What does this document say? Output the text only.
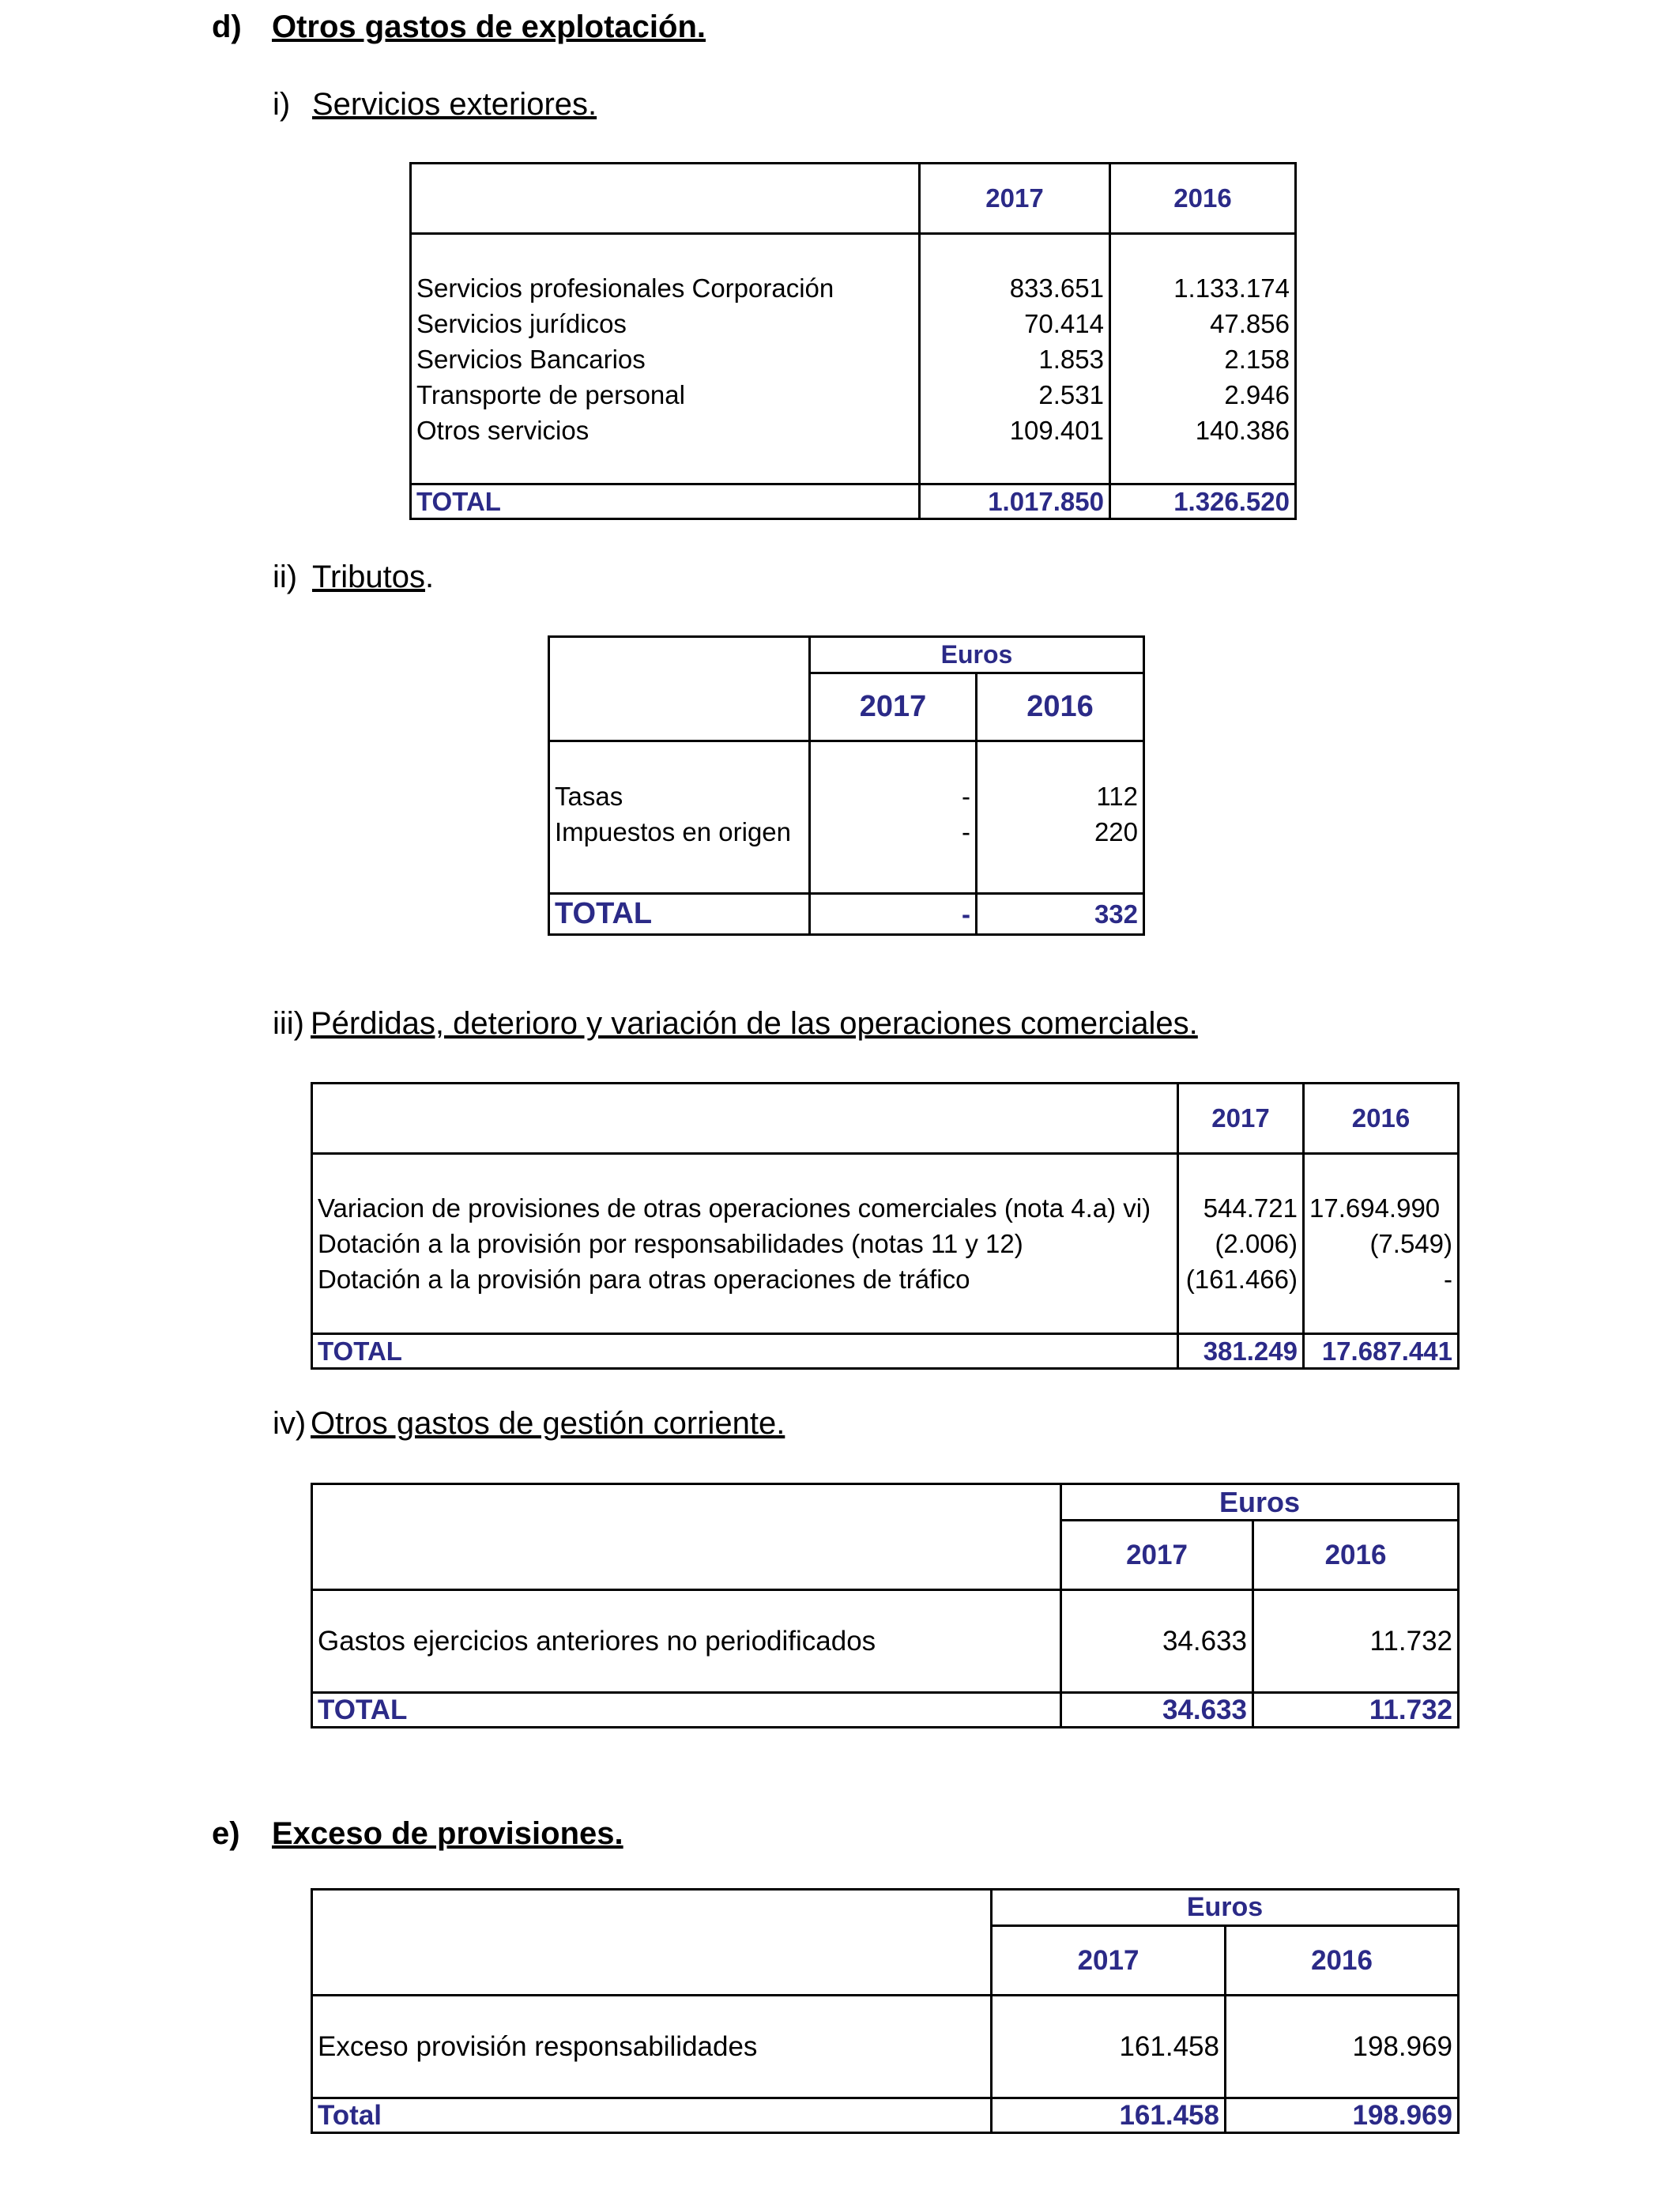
d) Otros gastos de explotación.
i) Servicios exteriores.
	2017	2016

Servicios profesionales Corporación	833.651	1.133.174
Servicios jurídicos	70.414	47.856
Servicios Bancarios	1.853	2.158
Transporte de personal	2.531	2.946
Otros servicios	109.401	140.386

TOTAL	1.017.850	1.326.520
ii) Tributos.
	Euros	
	2017	2016

Tasas	-	112
Impuestos en origen	-	220

TOTAL	-	332
iii) Pérdidas, deterioro y variación de las operaciones comerciales.
	2017	2016

Variacion de provisiones de otras operaciones comerciales (nota 4.a) vi)	544.721	17.694.990
Dotación a la provisión por responsabilidades (notas 11 y 12)	(2.006)	(7.549)
Dotación a la provisión para otras operaciones de tráfico	(161.466)	-

TOTAL	381.249	17.687.441
iv) Otros gastos de gestión corriente.
	Euros	
	2017	2016
Gastos ejercicios anteriores no periodificados	34.633	11.732
TOTAL	34.633	11.732
e) Exceso de provisiones.
	Euros	
	2017	2016
Exceso provisión responsabilidades	161.458	198.969
Total	161.458	198.969
